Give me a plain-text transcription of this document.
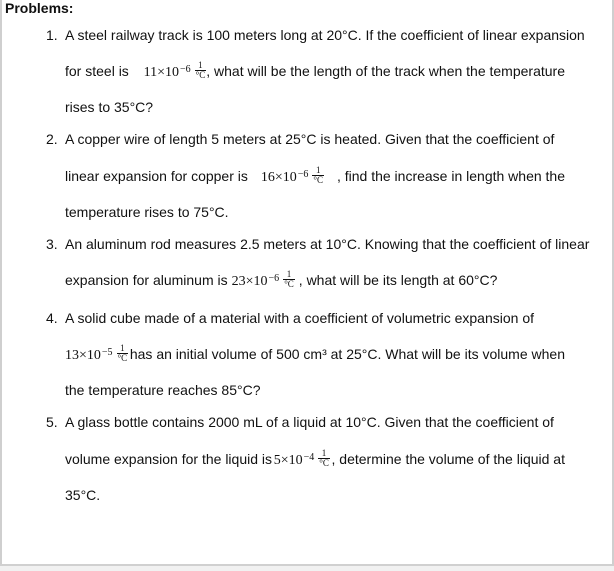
Problems:
1. A steel railway track is 100 meters long at 20°C. If the coefficient of linear expansion
for steel is $11\times 10^{-6} \frac{1}{^\circ C}$ , what will be the length of the track when the temperature
rises to 35°C?
2. A copper wire of length 5 meters at 25°C is heated. Given that the coefficient of
linear expansion for copper is $16\times 10^{-6} \frac{1}{^\circ C}$ , find the increase in length when the
temperature rises to 75°C.
3. An aluminum rod measures 2.5 meters at 10°C. Knowing that the coefficient of linear
expansion for aluminum is $23\times 10^{-6} \frac{1}{^\circ C}$ , what will be its length at 60°C?
4. A solid cube made of a material with a coefficient of volumetric expansion of
$13\times 10^{-5} \frac{1}{^\circ C}$ has an initial volume of 500 cm³ at 25°C. What will be its volume when
the temperature reaches 85°C?
5. A glass bottle contains 2000 mL of a liquid at 10°C. Given that the coefficient of
volume expansion for the liquid is $5\times 10^{-4} \frac{1}{^\circ C}$ , determine the volume of the liquid at
35°C.
